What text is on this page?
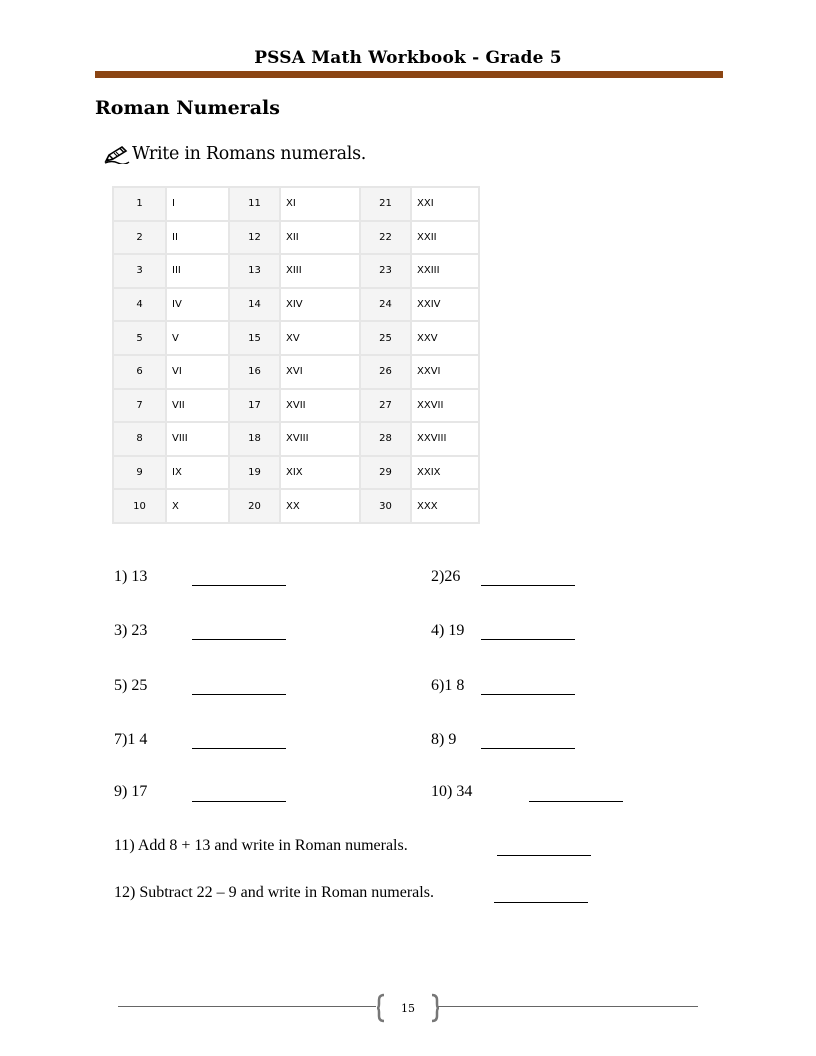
PSSA Math Workbook - Grade 5
Roman Numerals
Write in Romans numerals.
1	I	11	XI	21	XXI
2	II	12	XII	22	XXII
3	III	13	XIII	23	XXIII
4	IV	14	XIV	24	XXIV
5	V	15	XV	25	XXV
6	VI	16	XVI	26	XXVI
7	VII	17	XVII	27	XXVII
8	VIII	18	XVIII	28	XXVIII
9	IX	19	XIX	29	XXIX
10	X	20	XX	30	XXX
1) 13
3) 23
5) 25
7)1 4
9) 17
2)26
4) 19
6)1 8
8) 9
10) 34
11) Add 8 + 13 and write in Roman numerals.
12) Subtract 22 – 9 and write in Roman numerals.
15
